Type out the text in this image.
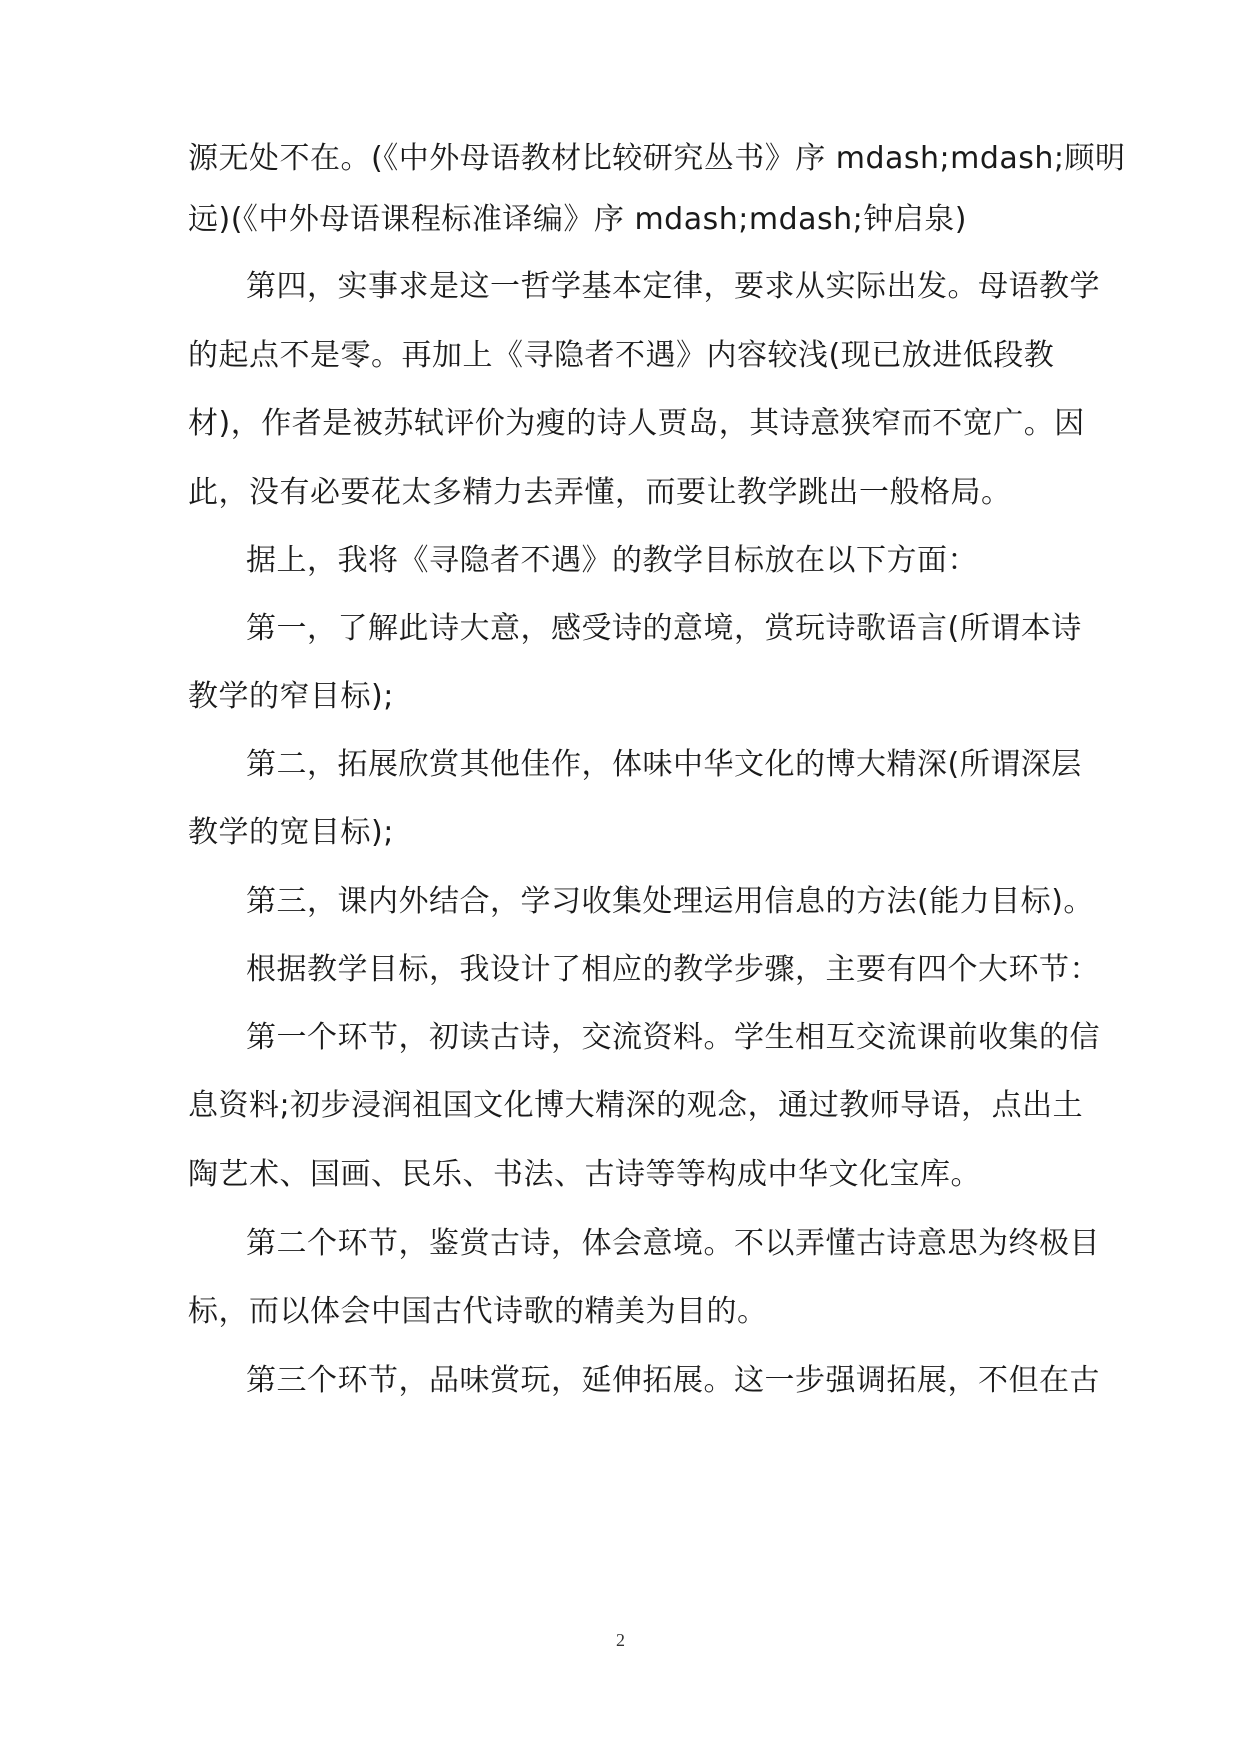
源无处不在。(《中外母语教材比较研究丛书》序 mdash;mdash;顾明
远)(《中外母语课程标准译编》序 mdash;mdash;钟启泉)
第四，实事求是这一哲学基本定律，要求从实际出发。母语教学
的起点不是零。再加上《寻隐者不遇》内容较浅(现已放进低段教
材)，作者是被苏轼评价为瘦的诗人贾岛，其诗意狭窄而不宽广。因
此，没有必要花太多精力去弄懂，而要让教学跳出一般格局。
据上，我将《寻隐者不遇》的教学目标放在以下方面：
第一，了解此诗大意，感受诗的意境，赏玩诗歌语言(所谓本诗
教学的窄目标);
第二，拓展欣赏其他佳作，体味中华文化的博大精深(所谓深层
教学的宽目标);
第三，课内外结合，学习收集处理运用信息的方法(能力目标)。
根据教学目标，我设计了相应的教学步骤，主要有四个大环节：
第一个环节，初读古诗，交流资料。学生相互交流课前收集的信
息资料;初步浸润祖国文化博大精深的观念，通过教师导语，点出土
陶艺术、国画、民乐、书法、古诗等等构成中华文化宝库。
第二个环节，鉴赏古诗，体会意境。不以弄懂古诗意思为终极目
标，而以体会中国古代诗歌的精美为目的。
第三个环节，品味赏玩，延伸拓展。这一步强调拓展，不但在古
2
